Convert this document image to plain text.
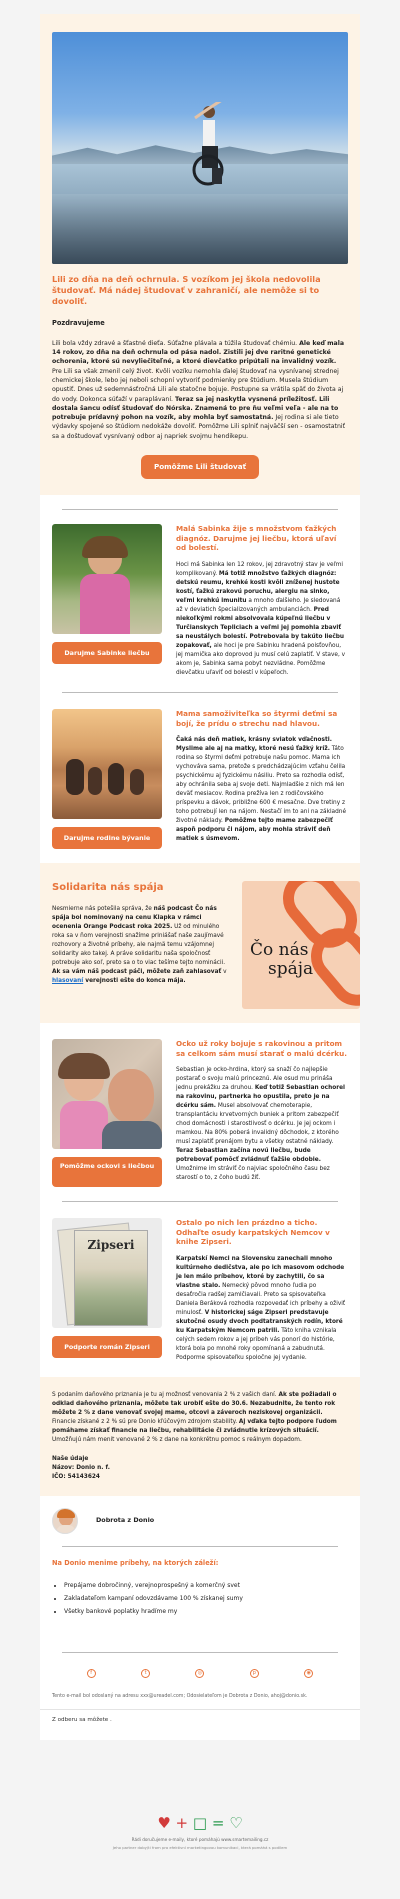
Lili zo dňa na deň ochrnula. S vozíkom jej škola nedovolila študovať. Má nádej študovať v zahraničí, ale nemôže si to dovoliť.
Pozdravujeme

Lili bola vždy zdravé a šťastné dieťa. Súťažne plávala a túžila študovať chémiu. Ale keď mala 14 rokov, zo dňa na deň ochrnula od pása nadol. Zistili jej dve raritné genetické ochorenia, ktoré sú nevyliečiteľné, a ktoré dievčatko pripútali na invalidný vozík. Pre Lili sa však zmenil celý život. Kvôli vozíku nemohla ďalej študovať na vysnívanej strednej chemickej škole, lebo jej neboli schopní vytvoriť podmienky pre štúdium. Musela štúdium opustiť. Dnes už sedemnásťročná Lili ale statočne bojuje. Postupne sa vrátila späť do života aj do vody. Dokonca súťaží v paraplávaní. Teraz sa jej naskytla vysnená príležitosť. Lili dostala šancu odísť študovať do Nórska. Znamená to pre ňu veľmi veľa - ale na to potrebuje prídavný pohon na vozík, aby mohla byť samostatná. Jej rodina si ale tieto výdavky spojené so štúdiom nedokáže dovoliť. Pomôžme Lili splniť najväčší sen - osamostatniť sa a doštudovať vysnívaný odbor aj napriek svojmu hendikepu.

Pomôžme Lili študovať
Darujme Sabinke liečbu
Malá Sabinka žije s množstvom ťažkých diagnóz. Darujme jej liečbu, ktorá uľaví od bolestí.

Hoci má Sabinka len 12 rokov, jej zdravotný stav je veľmi komplikovaný. Má totiž množstvo ťažkých diagnóz: detskú reumu, krehké kosti kvôli zníženej hustote kostí, ťažkú zrakovú poruchu, alergiu na slnko, veľmi krehkú imunitu a mnoho ďalšieho. Je sledovaná až v deviatich špecializovaných ambulanciách. Pred niekoľkými rokmi absolvovala kúpeľnú liečbu v Turčianskych Tepliciach a veľmi jej pomohla zbaviť sa neustálych bolestí. Potrebovala by takúto liečbu zopakovať, ale hoci je pre Sabinku hradená poisťovňou, jej mamička ako doprovod ju musí celú zaplatiť. V stave, v akom je, Sabinka sama pobyt nezvládne. Pomôžme dievčatku uľaviť od bolestí v kúpeľoch.

Darujme rodine bývanie
Mama samoživiteľka so štyrmi deťmi sa bojí, že prídu o strechu nad hlavou.

Čaká nás deň matiek, krásny sviatok vďačnosti. Myslime ale aj na matky, ktoré nesú ťažký kríž. Táto rodina so štyrmi deťmi potrebuje našu pomoc. Mama ich vychováva sama, pretože s predchádzajúcim vzťahu čelila psychickému aj fyzickému násiliu. Preto sa rozhodla odísť, aby ochránila seba aj svoje deti. Najmladšie z nich má len deväť mesiacov. Rodina prežíva len z rodičovského príspevku a dávok, približne 600 € mesačne. Dve tretiny z toho potrebují len na nájom. Nestačí im to ani na základné životné náklady. Pomôžme tejto mame zabezpečiť aspoň podporu či nájom, aby mohla stráviť deň matiek s úsmevom.

Solidarita nás spája

Nesmierne nás potešila správa, že náš podcast Čo nás spája bol nominovaný na cenu Klapka v rámci ocenenia Orange Podcast roka 2025. Už od minulého roka sa v ňom verejnosti snažíme priniášať naše zaujímavé rozhovory a životné príbehy, ale najmä temu vzájomnej solidarity ako takej. A práve solidaritu naša spoločnosť potrebuje ako soľ, preto sa o to viac tešíme tejto nominácii. Ak sa vám náš podcast páči, môžete zaň zahlasovať v hlasovaní verejnosti ešte do konca mája.

Čo nás
spája
Pomôžme ockovi s liečbou
Ocko už roky bojuje s rakovinou a pritom sa celkom sám musí starať o malú dcérku.

Sebastian je ocko-hrdina, ktorý sa snaží čo najlepšie postarať o svoju malú princeznú. Ale osud mu prináša jednu prekážku za druhou. Keď totiž Sebastian ochorel na rakovinu, partnerka ho opustila, preto je na dcérku sám. Musel absolvovať chemoterapie, transplantáciu krvetvorných buniek a pritom zabezpečiť chod domácnosti i starostlivosť o dcérku. Je jej ockom i mamkou. Na 80% poberá invalidný dôchodok, z ktorého musí zaplatiť prenájom bytu a všetky ostatné náklady. Teraz Sebastian začína novú liečbu, bude potrebovať pomôcť zvládnuť ťažšie obdobie. Umožnime im stráviť čo najviac spoločného času bez starostí o to, z čoho budú žiť.

Zipseri
Podporte román Zipseri
Ostalo po nich len prázdno a ticho. Odhaľte osudy karpatských Nemcov v knihe Zipseri.

Karpatskí Nemci na Slovensku zanechali mnoho kultúrneho dedičstva, ale po ich masovom odchode je len málo príbehov, ktoré by zachytili, čo sa vlastne stalo. Nemecký pôvod mnoho ľudia po desaťročia radšej zamlčiavali. Preto sa spisovateľka Daniela Beráková rozhodla rozpovedať ich príbehy a oživiť minulosť. V historickej ságe Zipseri predstavuje skutočné osudy dvoch podtatranských rodín, ktoré ku Karpatským Nemcom patrili. Táto kniha vznikala celých sedem rokov a jej príbeh vás ponorí do histórie, ktorá bola po mnohé roky opomínaná a zabudnutá. Podporme spisovateľku spoločne jej vydanie.

S podaním daňového priznania je tu aj možnosť venovania 2 % z vašich daní. Ak ste požiadali o odklad daňového priznania, môžete tak urobiť ešte do 30.6. Nezabudnite, že tento rok môžete 2 % z dane venovať svojej mame, otcovi a záveroch neziskovej organizácii. Financie získané z 2 % sú pre Donio kľúčovým zdrojom stability. Aj vďaka tejto podpore ľudom pomáhame získať financie na liečbu, rehabilitácie či zvládnutie krízových situácií. Umožňujú nám menit venované 2 % z dane na konkrétnu pomoc s reálnym dopadom.

Naše údaje
Názov: Donio n. f.
IČO: 54143624
Dobrota z Donio
Na Donio menime príbehy, na ktorých záleží:
• Prepájame dobročinný, verejnoprospešný a komerčný svet
• Zakladateľom kampaní odovzdávame 100 % získanej sumy
• Všetky bankové poplatky hradíme my
f	t	◎	p	◉
Tento e-mail bol odoslaný na adresu xxx@ureadel.com; Odosielateľom je Dobrota z Donio, ahoj@donio.sk.
Z odberu sa môžete .
♥ + □ = ♡
Rádi doručujeme e-maily, ktoré pomáhajú www.smartemailing.cz
Jeho partner doby/ti from pro efektivní marketingovou komunikaci, která pomáhá s podílem
